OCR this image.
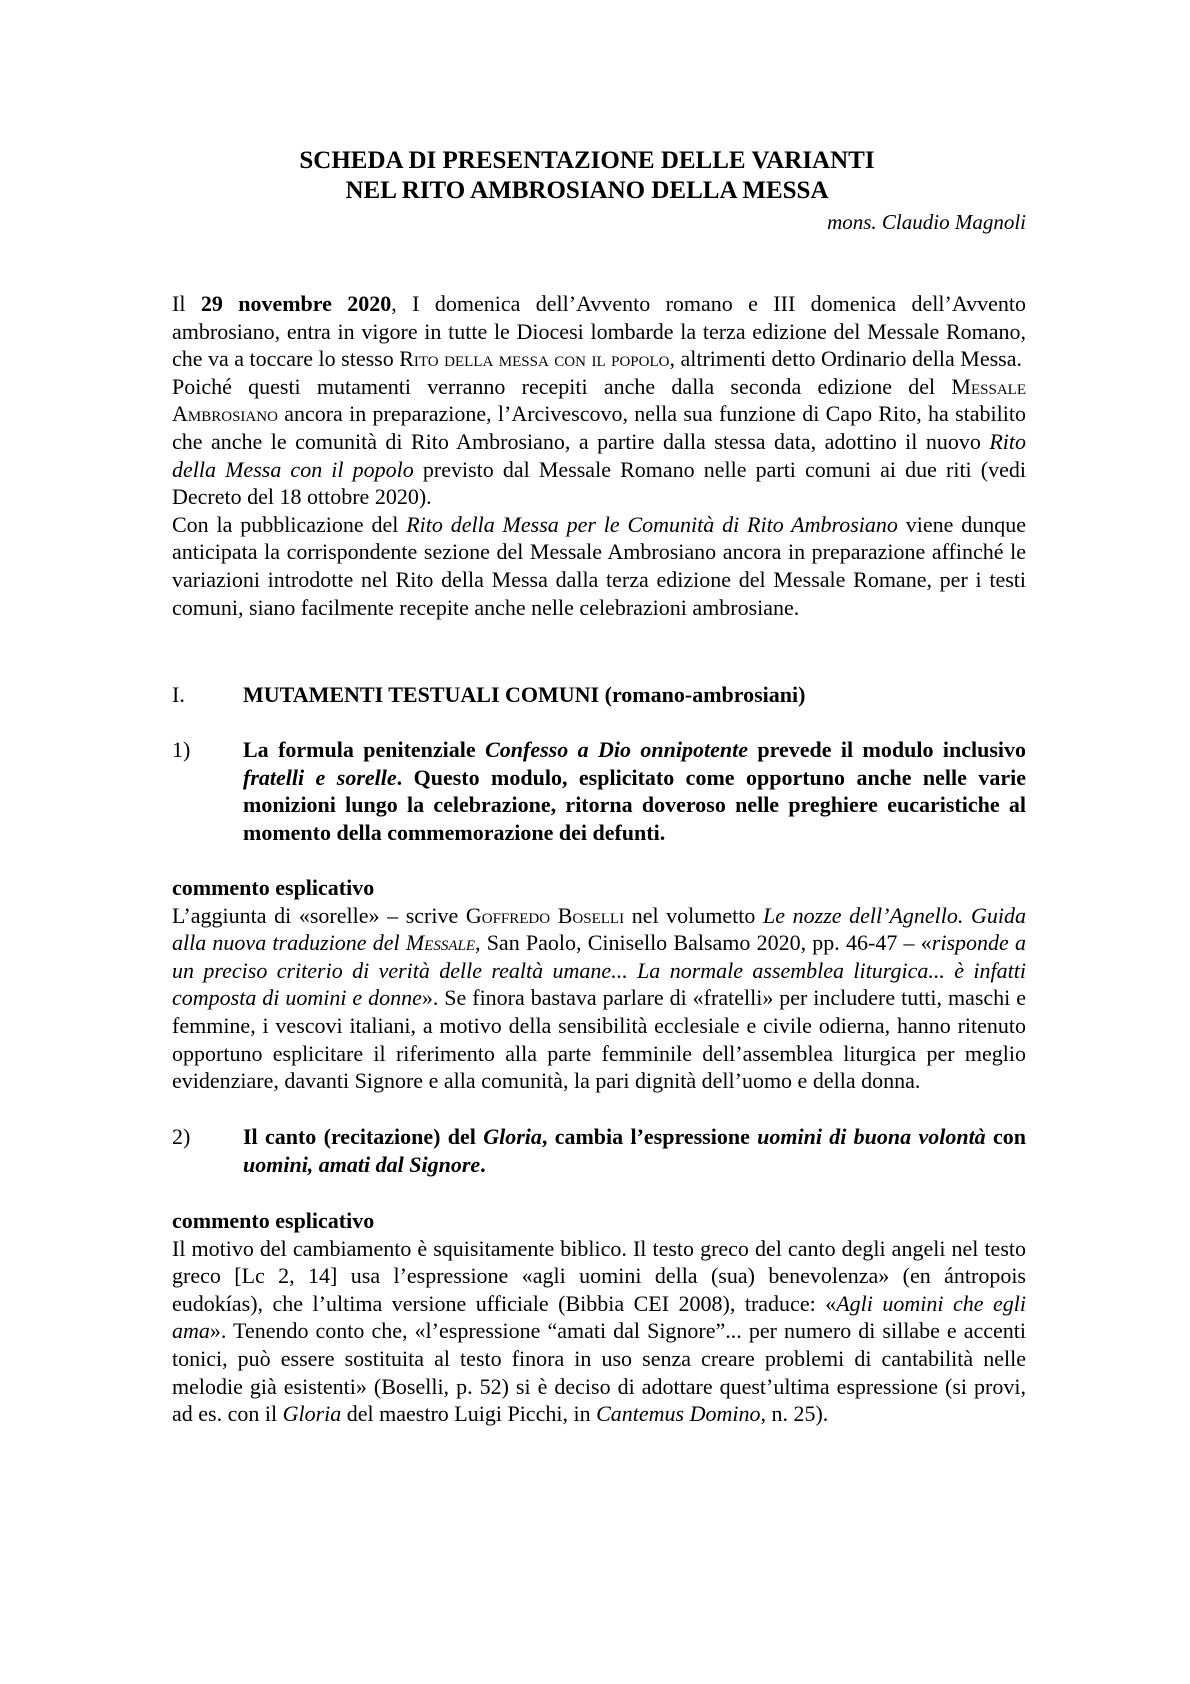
SCHEDA DI PRESENTAZIONE DELLE VARIANTI
NEL RITO AMBROSIANO DELLA MESSA
mons. Claudio Magnoli

Il 29 novembre 2020, I domenica dell’Avvento romano e III domenica dell’Avvento ambrosiano, entra in vigore in tutte le Diocesi lombarde la terza edizione del Messale Romano, che va a toccare lo stesso Rito della messa con il popolo, altrimenti detto Ordinario della Messa.

Poiché questi mutamenti verranno recepiti anche dalla seconda edizione del Messale Ambrosiano ancora in preparazione, l’Arcivescovo, nella sua funzione di Capo Rito, ha stabilito che anche le comunità di Rito Ambrosiano, a partire dalla stessa data, adottino il nuovo Rito della Messa con il popolo previsto dal Messale Romano nelle parti comuni ai due riti (vedi Decreto del 18 ottobre 2020).

Con la pubblicazione del Rito della Messa per le Comunità di Rito Ambrosiano viene dunque anticipata la corrispondente sezione del Messale Ambrosiano ancora in preparazione affinché le variazioni introdotte nel Rito della Messa dalla terza edizione del Messale Romane, per i testi comuni, siano facilmente recepite anche nelle celebrazioni ambrosiane.

I.	MUTAMENTI TESTUALI COMUNI (romano-ambrosiani)
1) La formula penitenziale Confesso a Dio onnipotente prevede il modulo inclusivo fratelli e sorelle. Questo modulo, esplicitato come opportuno anche nelle varie monizioni lungo la celebrazione, ritorna doveroso nelle preghiere eucaristiche al momento della commemorazione dei defunti.
commento esplicativo
L’aggiunta di «sorelle» – scrive Goffredo Boselli nel volumetto Le nozze dell’Agnello. Guida alla nuova traduzione del Messale, San Paolo, Cinisello Balsamo 2020, pp. 46-47 – «risponde a un preciso criterio di verità delle realtà umane... La normale assemblea liturgica... è infatti composta di uomini e donne». Se finora bastava parlare di «fratelli» per includere tutti, maschi e femmine, i vescovi italiani, a motivo della sensibilità ecclesiale e civile odierna, hanno ritenuto opportuno esplicitare il riferimento alla parte femminile dell’assemblea liturgica per meglio evidenziare, davanti Signore e alla comunità, la pari dignità dell’uomo e della donna.
2) Il canto (recitazione) del Gloria, cambia l’espressione uomini di buona volontà con uomini, amati dal Signore.
commento esplicativo
Il motivo del cambiamento è squisitamente biblico. Il testo greco del canto degli angeli nel testo greco [Lc 2, 14] usa l’espressione «agli uomini della (sua) benevolenza» (en ántropois eudokías), che l’ultima versione ufficiale (Bibbia CEI 2008), traduce: «Agli uomini che egli ama». Tenendo conto che, «l’espressione “amati dal Signore”... per numero di sillabe e accenti tonici, può essere sostituita al testo finora in uso senza creare problemi di cantabilità nelle melodie già esistenti» (Boselli, p. 52) si è deciso di adottare quest’ultima espressione (si provi, ad es. con il Gloria del maestro Luigi Picchi, in Cantemus Domino, n. 25).
